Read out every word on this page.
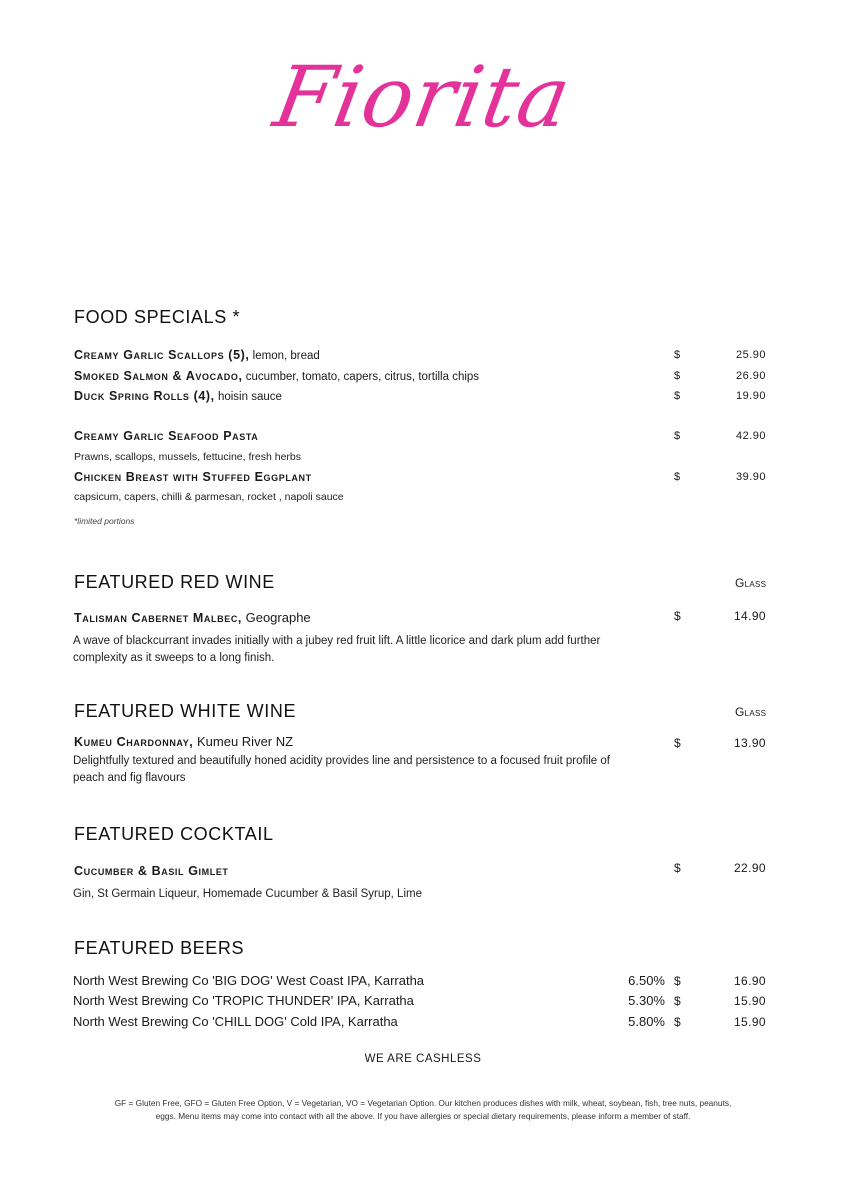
Fiorita
FOOD SPECIALS *
Creamy Garlic Scallops (5), lemon, bread	$	25.90
Smoked Salmon & Avocado, cucumber, tomato, capers, citrus, tortilla chips	$	26.90
Duck Spring Rolls (4), hoisin sauce	$	19.90
Creamy Garlic Seafood Pasta	$	42.90
Prawns, scallops, mussels, fettucine, fresh herbs
Chicken Breast with Stuffed Eggplant	$	39.90
capsicum, capers, chilli & parmesan, rocket , napoli sauce
*limited portions
FEATURED RED WINE	Glass
Talisman Cabernet Malbec, Geographe	$	14.90
A wave of blackcurrant invades initially with a jubey red fruit lift. A little licorice and dark plum add further
complexity as it sweeps to a long finish.
FEATURED WHITE WINE	Glass
Kumeu Chardonnay, Kumeu River NZ	$	13.90
Delightfully textured and beautifully honed acidity provides line and persistence to a focused fruit profile of
peach and fig flavours
FEATURED COCKTAIL
Cucumber & Basil Gimlet	$	22.90
Gin, St Germain Liqueur, Homemade Cucumber & Basil Syrup, Lime
FEATURED BEERS
North West Brewing Co 'BIG DOG' West Coast IPA, Karratha	6.50% $	16.90
North West Brewing Co 'TROPIC THUNDER' IPA, Karratha	5.30% $	15.90
North West Brewing Co 'CHILL DOG' Cold IPA, Karratha	5.80% $	15.90
WE ARE CASHLESS
GF = Gluten Free, GFO = Gluten Free Option, V = Vegetarian, VO = Vegetarian Option. Our kitchen produces dishes with milk, wheat, soybean, fish, tree nuts, peanuts,
eggs. Menu items may come into contact with all the above. If you have allergies or special dietary requirements, please inform a member of staff.
